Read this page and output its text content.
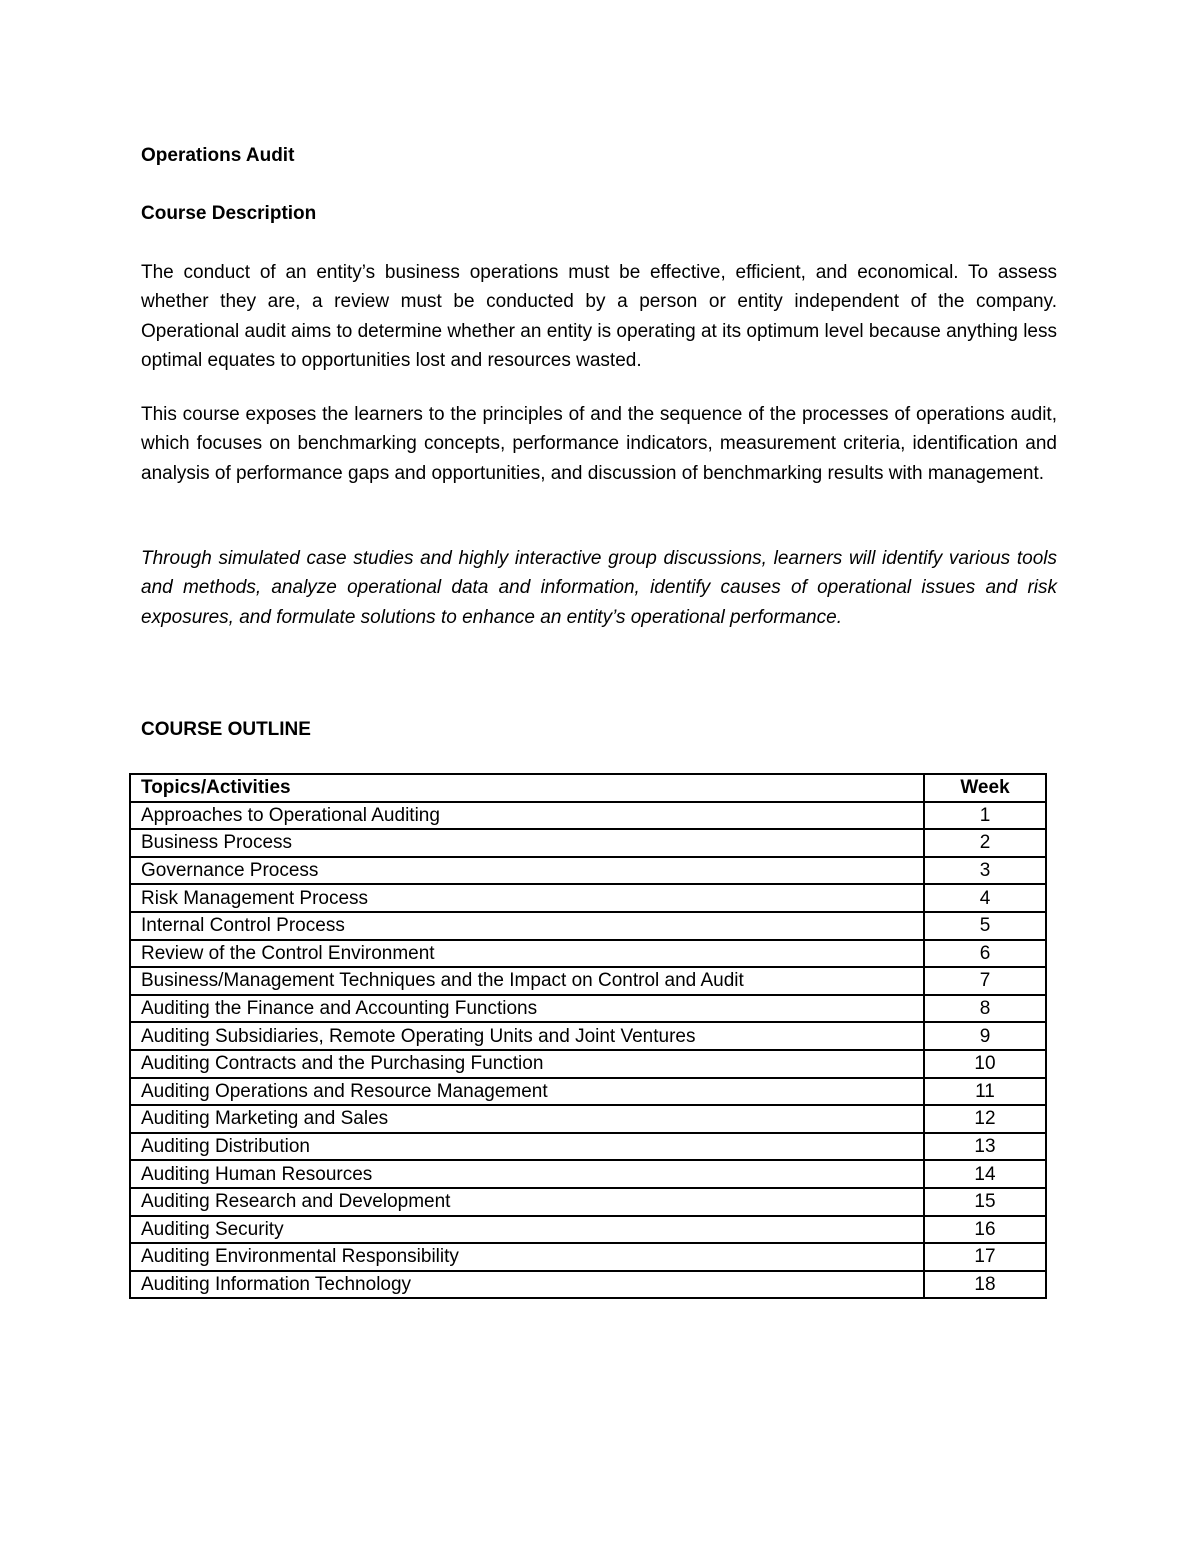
Operations Audit
Course Description

The conduct of an entity’s business operations must be effective, efficient, and economical. To assess whether they are, a review must be conducted by a person or entity independent of the company. Operational audit aims to determine whether an entity is operating at its optimum level because anything less optimal equates to opportunities lost and resources wasted.

This course exposes the learners to the principles of and the sequence of the processes of operations audit, which focuses on benchmarking concepts, performance indicators, measurement criteria, identification and analysis of performance gaps and opportunities, and discussion of benchmarking results with management.

Through simulated case studies and highly interactive group discussions, learners will identify various tools and methods, analyze operational data and information, identify causes of operational issues and risk exposures, and formulate solutions to enhance an entity’s operational performance.

COURSE OUTLINE
Topics/Activities	Week
Approaches to Operational Auditing	1
Business Process	2
Governance Process	3
Risk Management Process	4
Internal Control Process	5
Review of the Control Environment	6
Business/Management Techniques and the Impact on Control and Audit	7
Auditing the Finance and Accounting Functions	8
Auditing Subsidiaries, Remote Operating Units and Joint Ventures	9
Auditing Contracts and the Purchasing Function	10
Auditing Operations and Resource Management	11
Auditing Marketing and Sales	12
Auditing Distribution	13
Auditing Human Resources	14
Auditing Research and Development	15
Auditing Security	16
Auditing Environmental Responsibility	17
Auditing Information Technology	18
